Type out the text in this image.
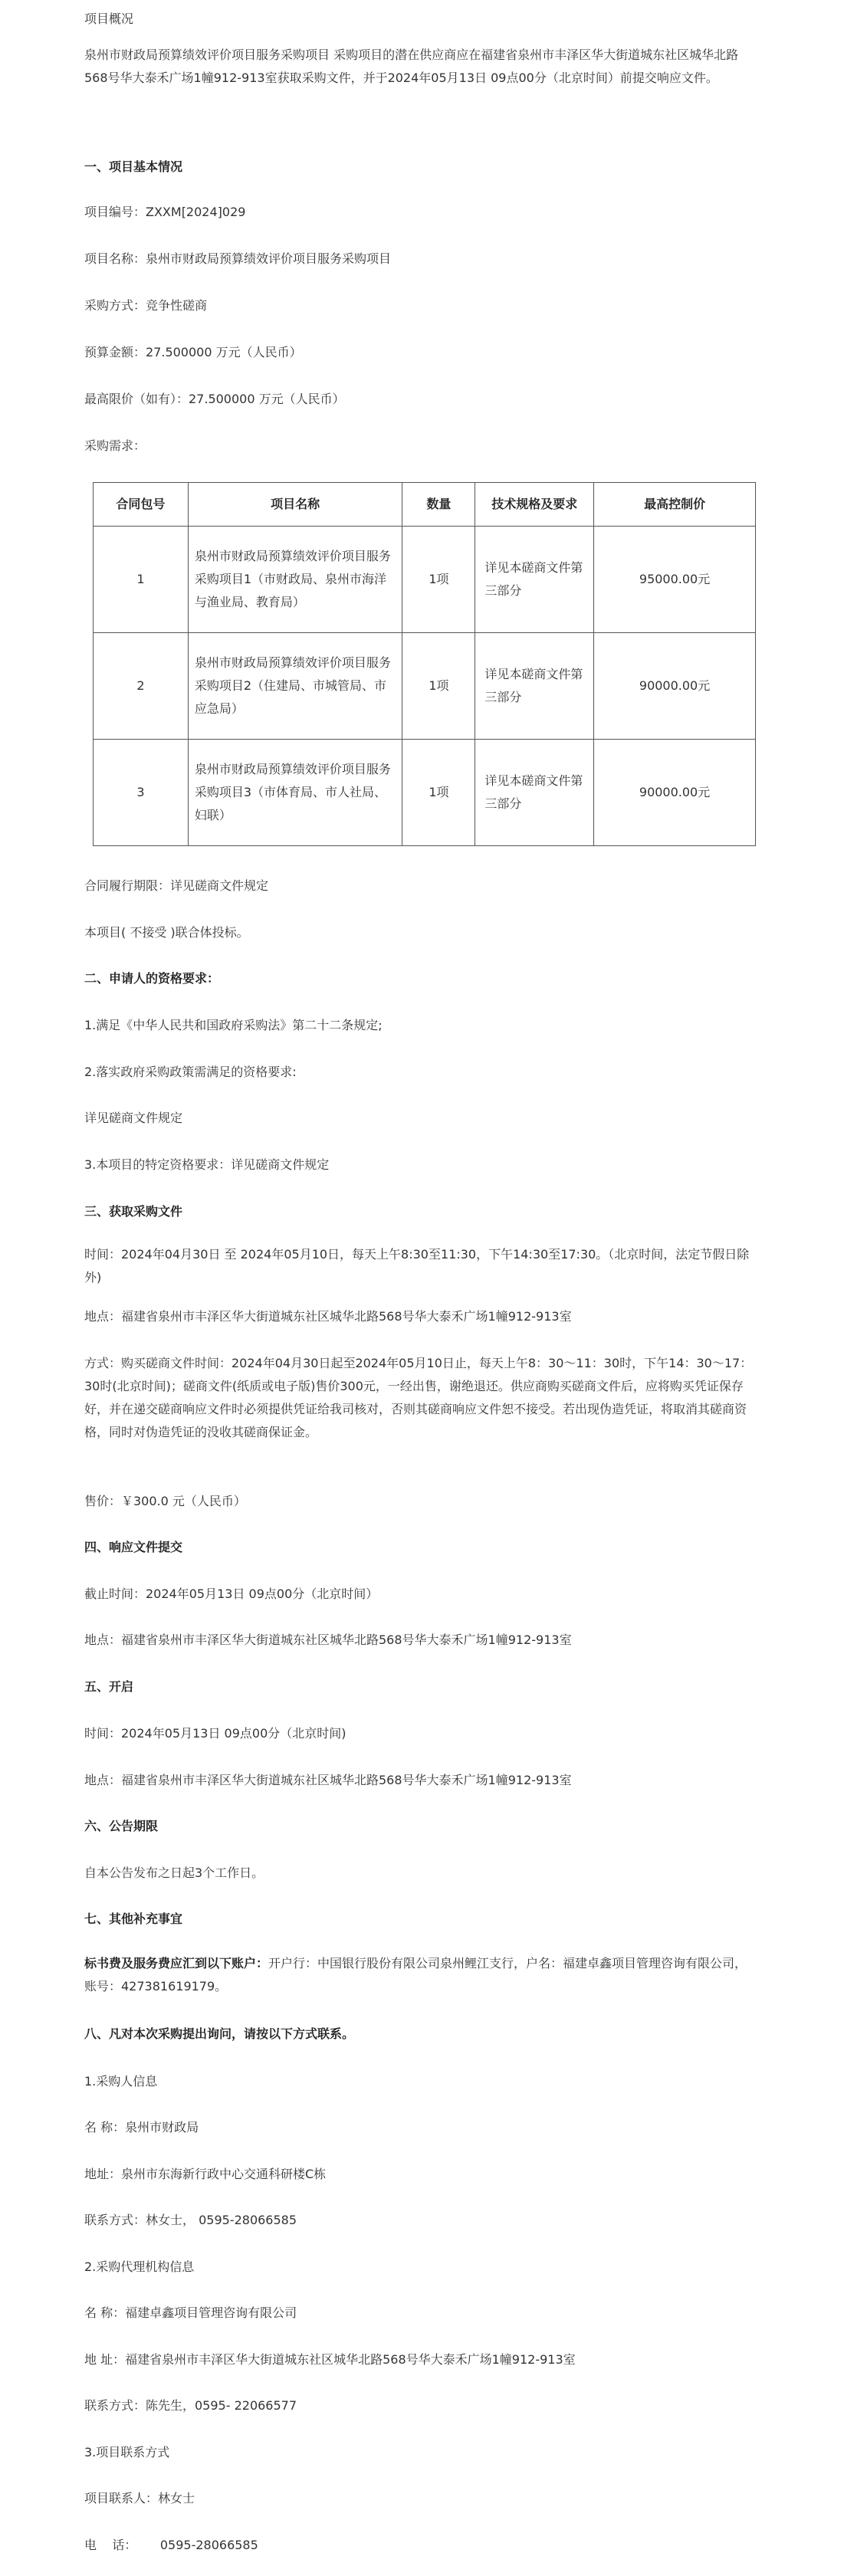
项目概况
泉州市财政局预算绩效评价项目服务采购项目 采购项目的潜在供应商应在福建省泉州市丰泽区华大街道城东社区城华北路568号华大泰禾广场1幢912-913室获取采购文件，并于2024年05月13日 09点00分（北京时间）前提交响应文件。
一、项目基本情况
项目编号：ZXXM[2024]029
项目名称：泉州市财政局预算绩效评价项目服务采购项目
采购方式：竞争性磋商
预算金额：27.500000 万元（人民币）
最高限价（如有）：27.500000 万元（人民币）
采购需求：
合同包号	项目名称	数量	技术规格及要求	最高控制价
1	泉州市财政局预算绩效评价项目服务采购项目1（市财政局、泉州市海洋与渔业局、教育局）	1项	详见本磋商文件第三部分	95000.00元
2	泉州市财政局预算绩效评价项目服务采购项目2（住建局、市城管局、市应急局）	1项	详见本磋商文件第三部分	90000.00元
3	泉州市财政局预算绩效评价项目服务采购项目3（市体育局、市人社局、妇联）	1项	详见本磋商文件第三部分	90000.00元
合同履行期限：详见磋商文件规定
本项目( 不接受 )联合体投标。
二、申请人的资格要求：
1.满足《中华人民共和国政府采购法》第二十二条规定;
2.落实政府采购政策需满足的资格要求:
详见磋商文件规定
3.本项目的特定资格要求：详见磋商文件规定
三、获取采购文件
时间：2024年04月30日 至 2024年05月10日，每天上午8:30至11:30，下午14:30至17:30。（北京时间，法定节假日除外)
地点：福建省泉州市丰泽区华大街道城东社区城华北路568号华大泰禾广场1幢912-913室
方式：购买磋商文件时间：2024年04月30日起至2024年05月10日止，每天上午8：30～11：30时，下午14：30～17：30时(北京时间)；磋商文件(纸质或电子版)售价300元，一经出售，谢绝退还。供应商购买磋商文件后，应将购买凭证保存好，并在递交磋商响应文件时必须提供凭证给我司核对，否则其磋商响应文件恕不接受。若出现伪造凭证，将取消其磋商资格，同时对伪造凭证的没收其磋商保证金。
售价：￥300.0 元（人民币）
四、响应文件提交
截止时间：2024年05月13日 09点00分（北京时间）
地点：福建省泉州市丰泽区华大街道城东社区城华北路568号华大泰禾广场1幢912-913室
五、开启
时间：2024年05月13日 09点00分（北京时间)
地点：福建省泉州市丰泽区华大街道城东社区城华北路568号华大泰禾广场1幢912-913室
六、公告期限
自本公告发布之日起3个工作日。
七、其他补充事宜
标书费及服务费应汇到以下账户：开户行：中国银行股份有限公司泉州鲤江支行，户名：福建卓鑫项目管理咨询有限公司，账号：427381619179。
八、凡对本次采购提出询问，请按以下方式联系。
1.采购人信息
名 称：泉州市财政局
地址：泉州市东海新行政中心交通科研楼C栋
联系方式：林女士， 0595-28066585
2.采购代理机构信息
名 称：福建卓鑫项目管理咨询有限公司
地 址：福建省泉州市丰泽区华大街道城东社区城华北路568号华大泰禾广场1幢912-913室
联系方式：陈先生，0595- 22066577
3.项目联系方式
项目联系人：林女士
电    话：      0595-28066585
